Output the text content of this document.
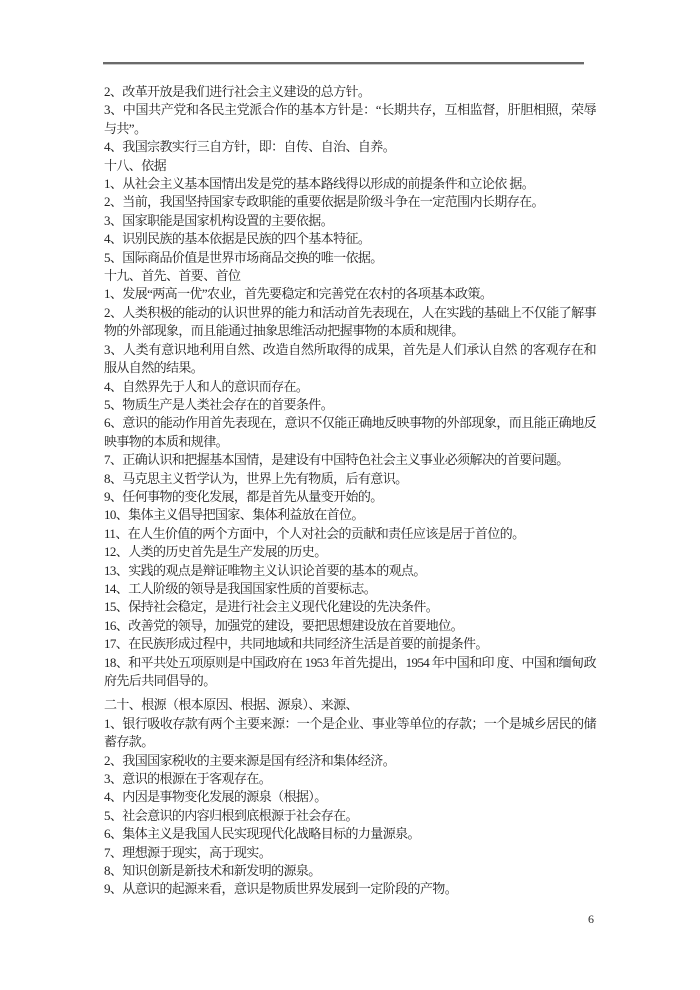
2、改革开放是我们进行社会主义建设的总方针。

3、中国共产党和各民主党派合作的基本方针是：“长期共存，互相监督，肝胆相照，荣辱与共”。

4、我国宗教实行三自方针，即：自传、自治、自养。

十八、依据

1、从社会主义基本国情出发是党的基本路线得以形成的前提条件和立论依 据。

2、当前，我国坚持国家专政职能的重要依据是阶级斗争在一定范围内长期存在。

3、国家职能是国家机构设置的主要依据。

4、识别民族的基本依据是民族的四个基本特征。

5、国际商品价值是世界市场商品交换的唯一依据。

十九、首先、首要、首位

1、发展“两高一优”农业，首先要稳定和完善党在农村的各项基本政策。

2、人类积极的能动的认识世界的能力和活动首先表现在，人在实践的基础上不仅能了解事物的外部现象，而且能通过抽象思维活动把握事物的本质和规律。

3、人类有意识地利用自然、改造自然所取得的成果，首先是人们承认自然 的客观存在和服从自然的结果。

4、自然界先于人和人的意识而存在。

5、物质生产是人类社会存在的首要条件。

6、意识的能动作用首先表现在，意识不仅能正确地反映事物的外部现象，而且能正确地反映事物的本质和规律。

7、正确认识和把握基本国情，是建设有中国特色社会主义事业必须解决的首要问题。

8、马克思主义哲学认为，世界上先有物质，后有意识。

9、任何事物的变化发展，都是首先从量变开始的。

10、集体主义倡导把国家、集体利益放在首位。

11、在人生价值的两个方面中，个人对社会的贡献和责任应该是居于首位的。

12、人类的历史首先是生产发展的历史。

13、实践的观点是辩证唯物主义认识论首要的基本的观点。

14、工人阶级的领导是我国国家性质的首要标志。

15、保持社会稳定，是进行社会主义现代化建设的先决条件。

16、改善党的领导，加强党的建设，要把思想建设放在首要地位。

17、在民族形成过程中，共同地域和共同经济生活是首要的前提条件。

18、和平共处五项原则是中国政府在 1953 年首先提出，1954 年中国和印 度、中国和缅甸政府先后共同倡导的。

二十、根源（根本原因、根据、源泉）、来源、

1、银行吸收存款有两个主要来源：一个是企业、事业等单位的存款；一个是城乡居民的储蓄存款。

2、我国国家税收的主要来源是国有经济和集体经济。

3、意识的根源在于客观存在。

4、内因是事物变化发展的源泉（根据）。

5、社会意识的内容归根到底根源于社会存在。

6、集体主义是我国人民实现现代化战略目标的力量源泉。

7、理想源于现实，高于现实。

8、知识创新是新技术和新发明的源泉。

9、从意识的起源来看，意识是物质世界发展到一定阶段的产物。

6
